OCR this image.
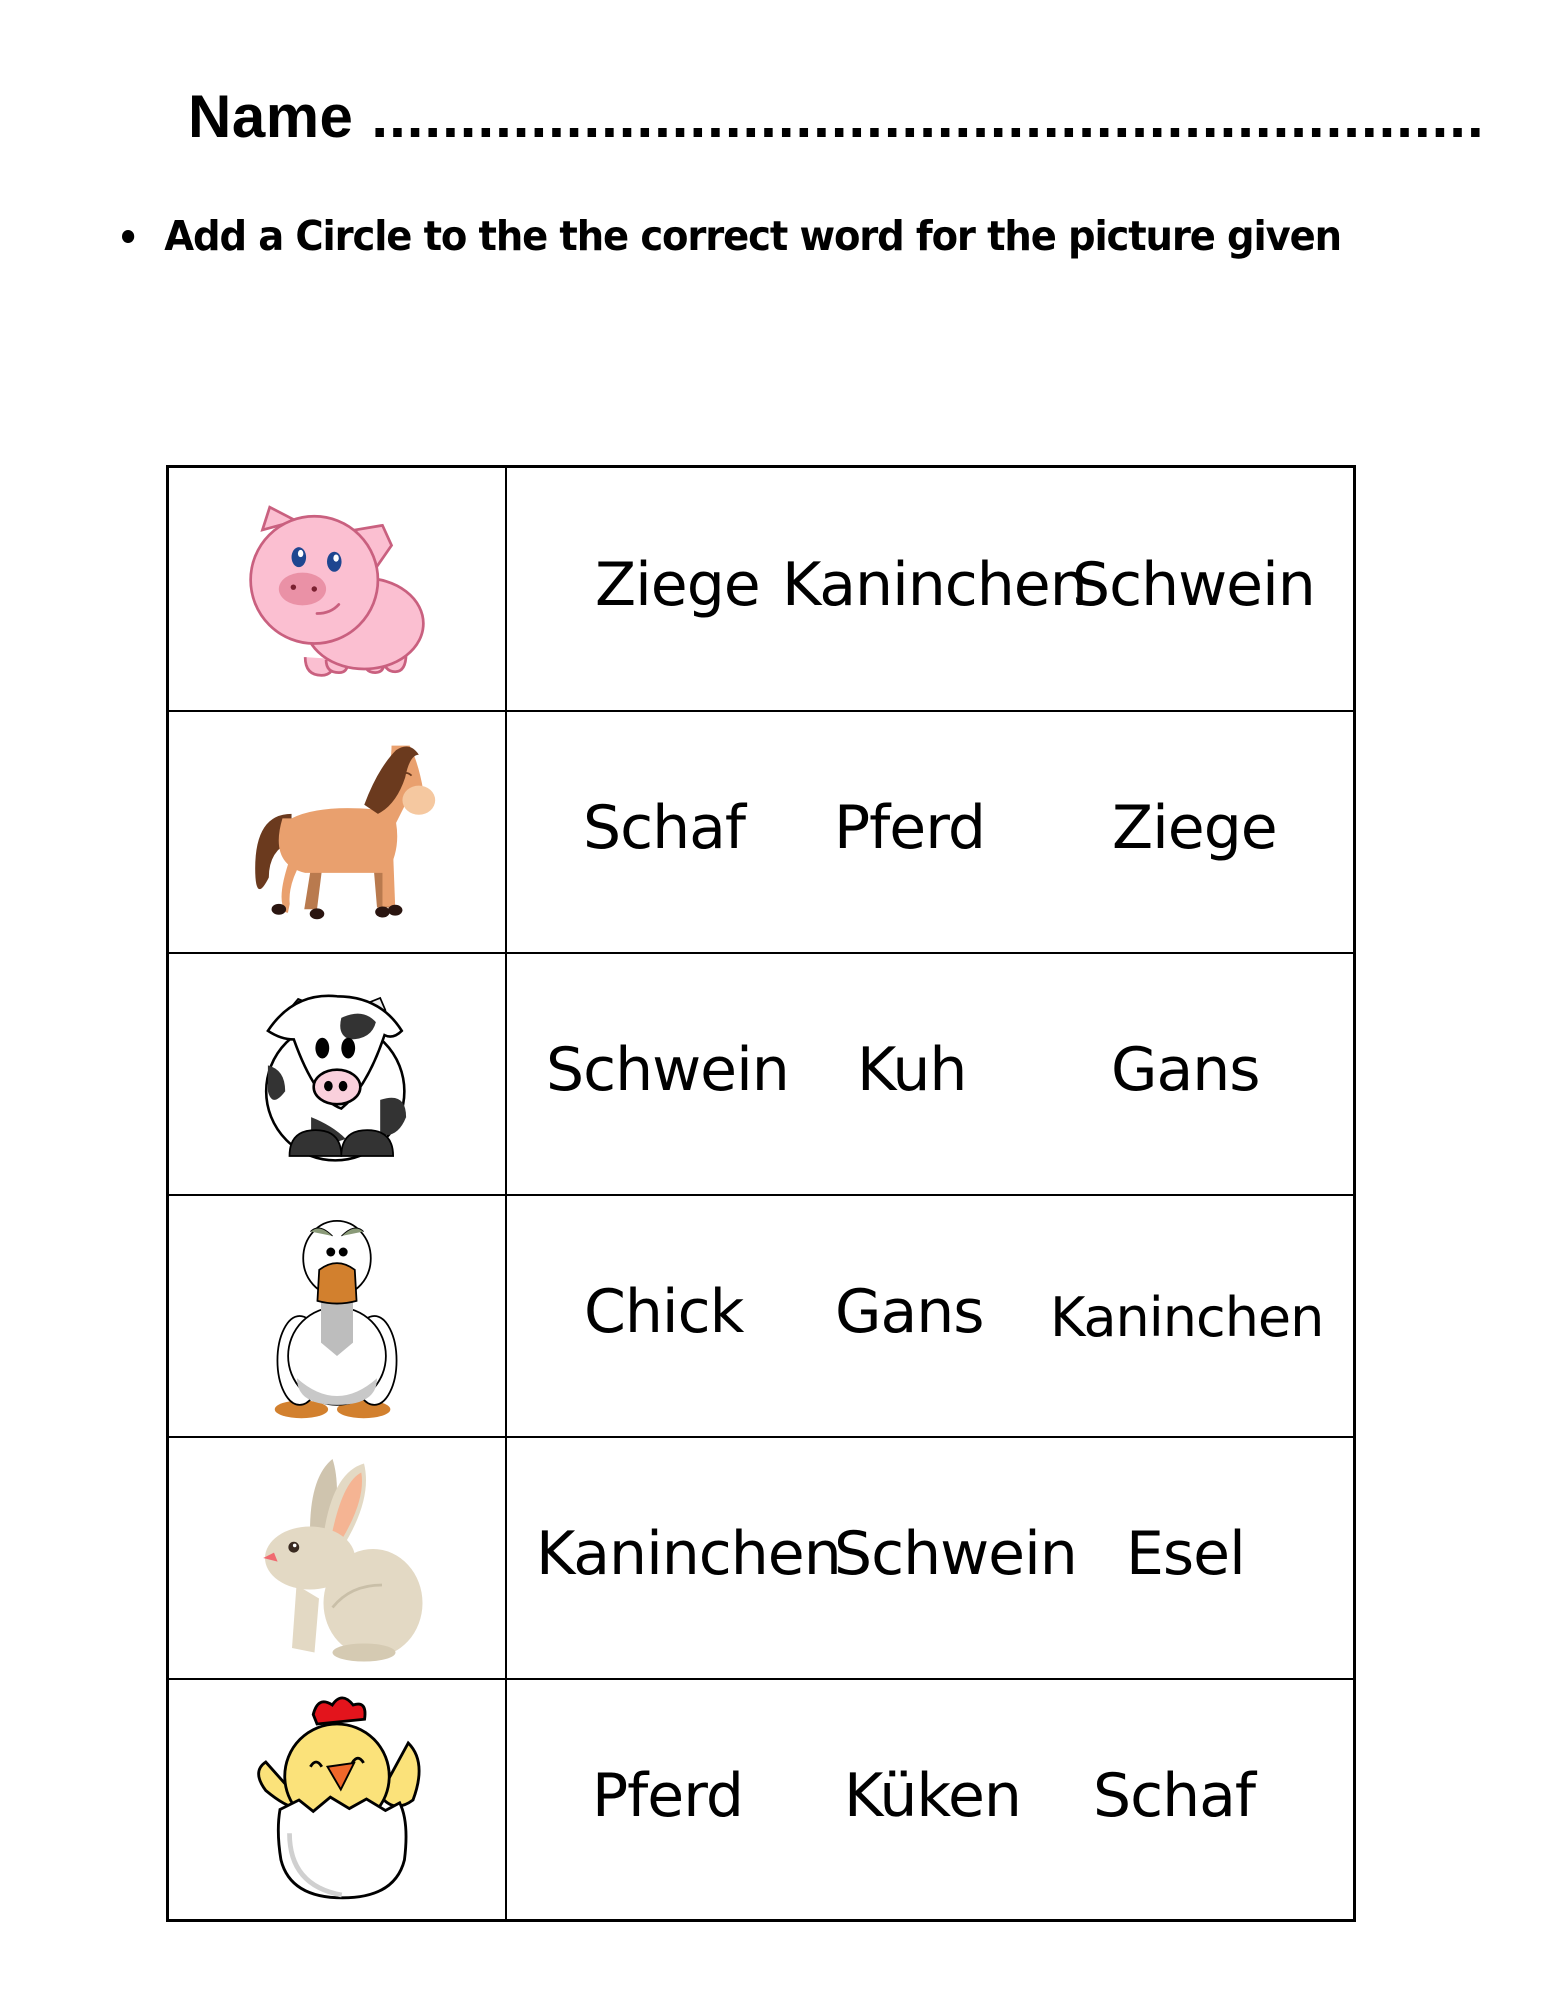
Name ...............................................................
Add a Circle to the the correct word for the picture given
Ziege Kaninchen
Schwein
Schaf Pferd Ziege
Schwein Kuh Gans
Chick Gans Kaninchen
Kaninchen
Schwein Esel
Pferd Küken Schaf
